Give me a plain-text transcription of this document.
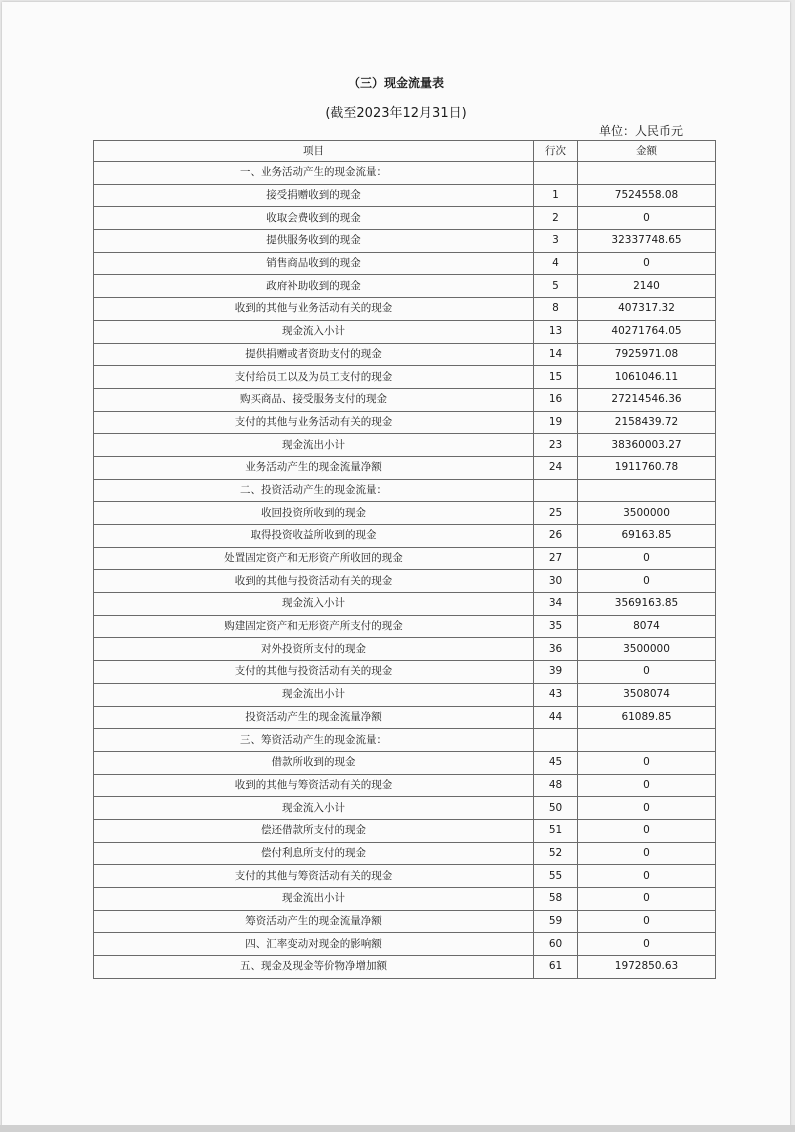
（三）现金流量表
(截至2023年12月31日)
单位：人民币元
项目	行次	金额
一、业务活动产生的现金流量：		
接受捐赠收到的现金	1	7524558.08
收取会费收到的现金	2	0
提供服务收到的现金	3	32337748.65
销售商品收到的现金	4	0
政府补助收到的现金	5	2140
收到的其他与业务活动有关的现金	8	407317.32
现金流入小计	13	40271764.05
提供捐赠或者资助支付的现金	14	7925971.08
支付给员工以及为员工支付的现金	15	1061046.11
购买商品、接受服务支付的现金	16	27214546.36
支付的其他与业务活动有关的现金	19	2158439.72
现金流出小计	23	38360003.27
业务活动产生的现金流量净额	24	1911760.78
二、投资活动产生的现金流量：		
收回投资所收到的现金	25	3500000
取得投资收益所收到的现金	26	69163.85
处置固定资产和无形资产所收回的现金	27	0
收到的其他与投资活动有关的现金	30	0
现金流入小计	34	3569163.85
购建固定资产和无形资产所支付的现金	35	8074
对外投资所支付的现金	36	3500000
支付的其他与投资活动有关的现金	39	0
现金流出小计	43	3508074
投资活动产生的现金流量净额	44	61089.85
三、筹资活动产生的现金流量：		
借款所收到的现金	45	0
收到的其他与筹资活动有关的现金	48	0
现金流入小计	50	0
偿还借款所支付的现金	51	0
偿付利息所支付的现金	52	0
支付的其他与筹资活动有关的现金	55	0
现金流出小计	58	0
筹资活动产生的现金流量净额	59	0
四、汇率变动对现金的影响额	60	0
五、现金及现金等价物净增加额	61	1972850.63
